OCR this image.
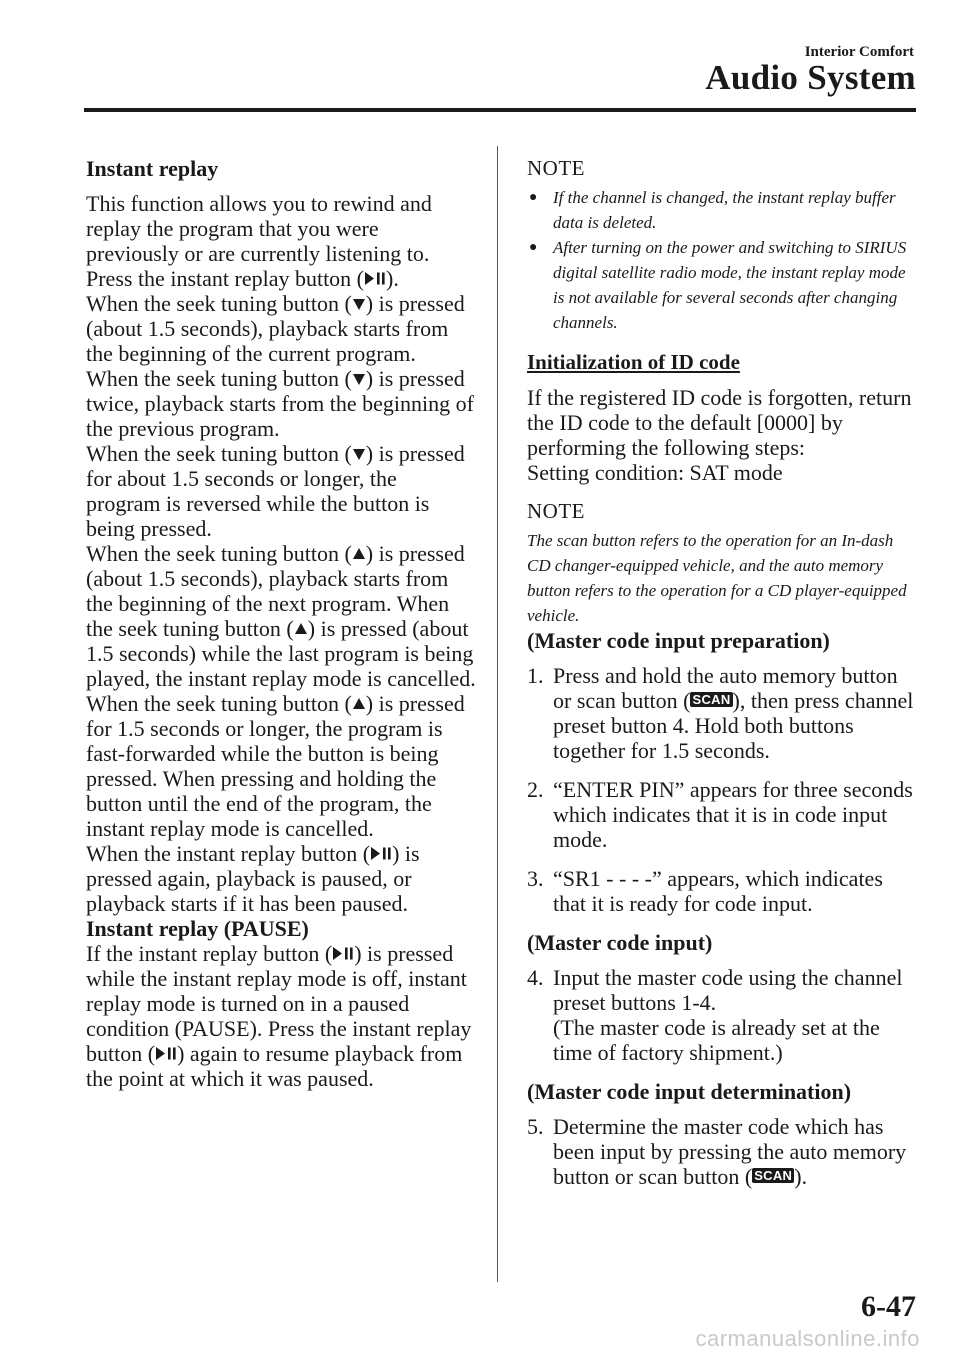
Interior Comfort
Audio System

Instant replay

This function allows you to rewind and replay the program that you were previously or are currently listening to. Press the instant replay button ( ).

When the seek tuning button ( ) is pressed (about 1.5 seconds), playback starts from the beginning of the current program.

When the seek tuning button ( ) is pressed twice, playback starts from the beginning of the previous program.

When the seek tuning button ( ) is pressed for about 1.5 seconds or longer, the program is reversed while the button is being pressed.

When the seek tuning button ( ) is pressed (about 1.5 seconds), playback starts from the beginning of the next program. When the seek tuning button ( ) is pressed (about 1.5 seconds) while the last program is being played, the instant replay mode is cancelled.

When the seek tuning button ( ) is pressed for 1.5 seconds or longer, the program is fast-forwarded while the button is being pressed. When pressing and holding the button until the end of the program, the instant replay mode is cancelled.

When the instant replay button ( ) is pressed again, playback is paused, or playback starts if it has been paused.

Instant replay (PAUSE)

If the instant replay button ( ) is pressed while the instant replay mode is off, instant replay mode is turned on in a paused condition (PAUSE). Press the instant replay button ( ) again to resume playback from the point at which it was paused.

NOTE

● If the channel is changed, the instant replay buffer data is deleted.
● After turning on the power and switching to SIRIUS digital satellite radio mode, the instant replay mode is not available for several seconds after changing channels.

Initialization of ID code

If the registered ID code is forgotten, return the ID code to the default [0000] by performing the following steps:

Setting condition: SAT mode

NOTE

The scan button refers to the operation for an In-dash CD changer-equipped vehicle, and the auto memory button refers to the operation for a CD player-equipped vehicle.

(Master code input preparation)

1. Press and hold the auto memory button or scan button ( SCAN), then press channel preset button 4. Hold both buttons together for 1.5 seconds.

2. “ENTER PIN” appears for three seconds which indicates that it is in code input mode.

3. “SR1 - - - -” appears, which indicates that it is ready for code input.

(Master code input)

4. Input the master code using the channel preset buttons 1-4.

(The master code is already set at the time of factory shipment.)

(Master code input determination)

5. Determine the master code which has been input by pressing the auto memory button or scan button ( SCAN).

6-47
carmanualsonline.info
